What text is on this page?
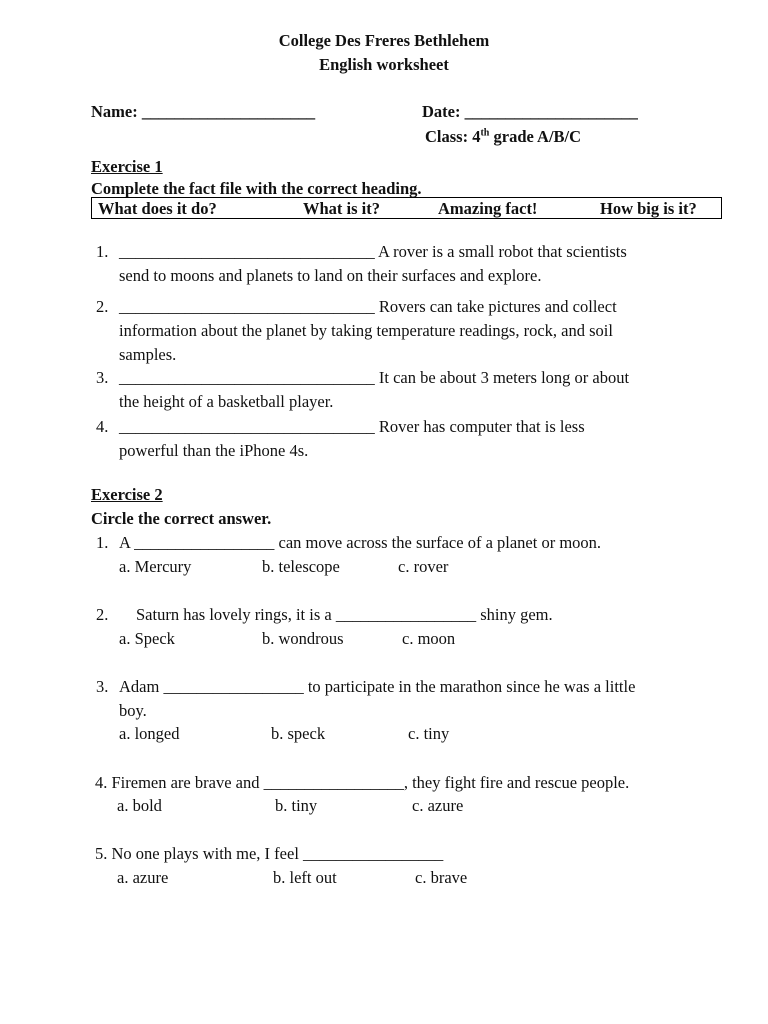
College Des Freres Bethlehem
English worksheet
Name: _____________________	Date: _____________________
Class: 4th grade A/B/C
Exercise 1
Complete the fact file with the correct heading.
What does it do?	What is it?	Amazing fact!	How big is it?
1. _______________________________ A rover is a small robot that scientists
send to moons and planets to land on their surfaces and explore.
2. _______________________________ Rovers can take pictures and collect
information about the planet by taking temperature readings, rock, and soil
samples.
3. _______________________________ It can be about 3 meters long or about
the height of a basketball player.
4. _______________________________ Rover has computer that is less
powerful than the iPhone 4s.
Exercise 2
Circle the correct answer.
1. A _________________ can move across the surface of a planet or moon.
a. Mercury	b. telescope	c. rover
2. Saturn has lovely rings, it is a _________________ shiny gem.
a. Speck	b. wondrous	c. moon
3. Adam _________________ to participate in the marathon since he was a little
boy.
a. longed	b. speck	c. tiny
4. Firemen are brave and _________________, they fight fire and rescue people.
a. bold	b. tiny	c. azure
5. No one plays with me, I feel _________________
a. azure	b. left out	c. brave
